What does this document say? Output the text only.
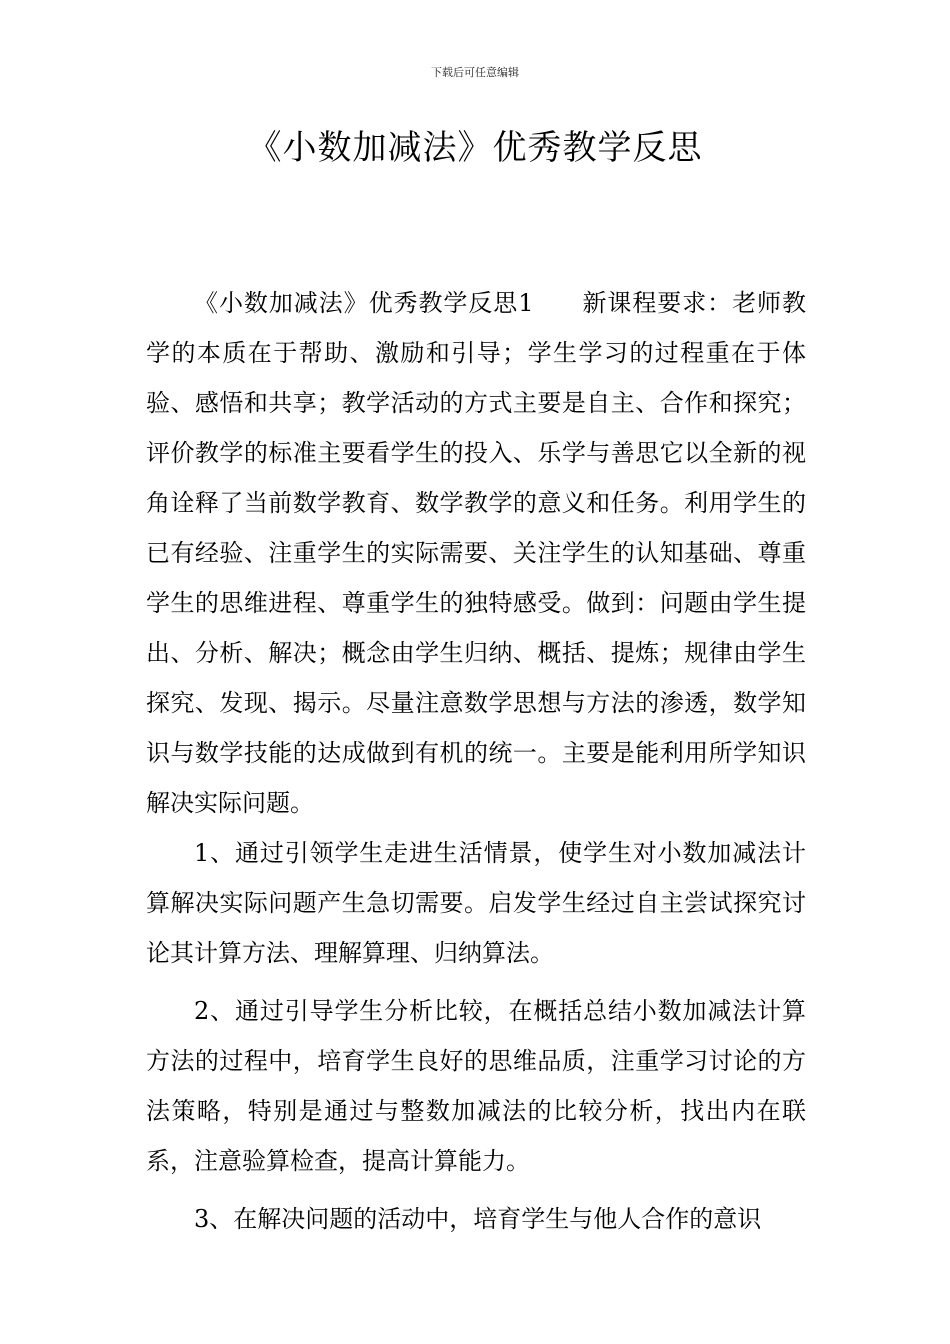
下载后可任意编辑
《小数加减法》优秀教学反思

《小数加减法》优秀教学反思1 新课程要求：老师教学的本质在于帮助、激励和引导；学生学习的过程重在于体验、感悟和共享；教学活动的方式主要是自主、合作和探究；评价教学的标准主要看学生的投入、乐学与善思它以全新的视角诠释了当前数学教育、数学教学的意义和任务。利用学生的已有经验、注重学生的实际需要、关注学生的认知基础、尊重学生的思维进程、尊重学生的独特感受。做到：问题由学生提出、分析、解决；概念由学生归纳、概括、提炼；规律由学生探究、发现、揭示。尽量注意数学思想与方法的渗透，数学知识与数学技能的达成做到有机的统一。主要是能利用所学知识解决实际问题。

1、通过引领学生走进生活情景，使学生对小数加减法计算解决实际问题产生急切需要。启发学生经过自主尝试探究讨论其计算方法、理解算理、归纳算法。

2、通过引导学生分析比较，在概括总结小数加减法计算方法的过程中，培育学生良好的思维品质，注重学习讨论的方法策略，特别是通过与整数加减法的比较分析，找出内在联系，注意验算检查，提高计算能力。

3、在解决问题的活动中，培育学生与他人合作的意识
